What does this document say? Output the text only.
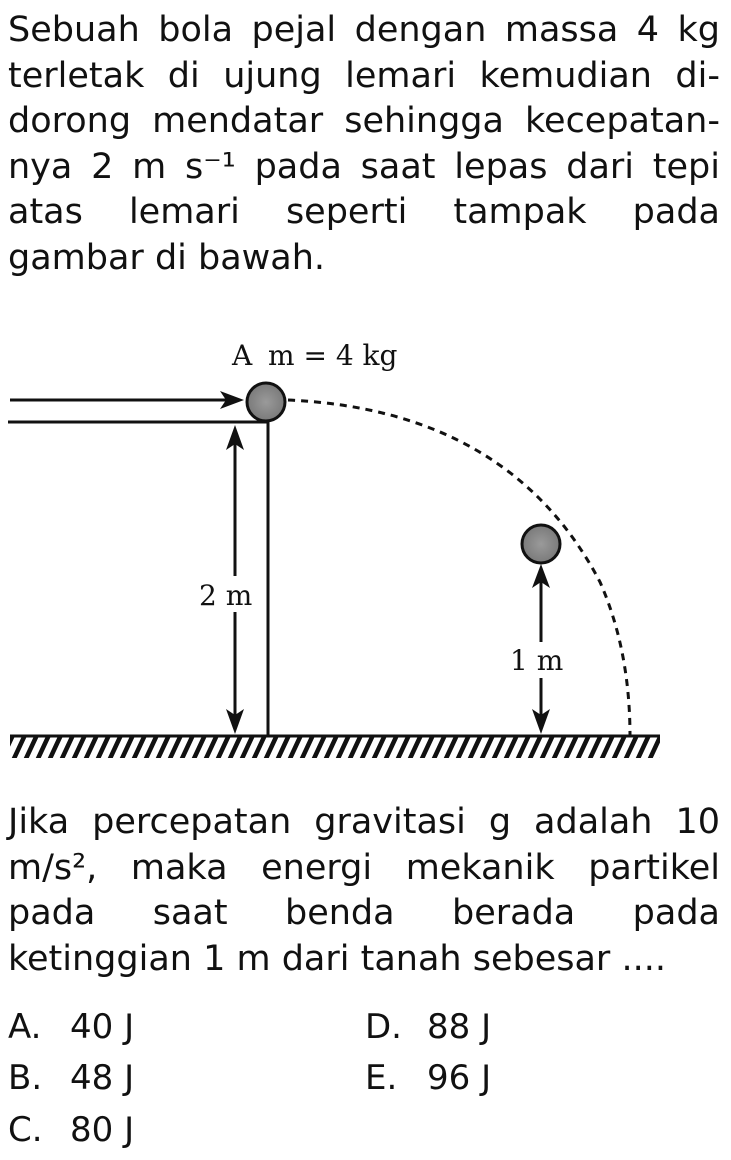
Sebuah bola pejal dengan massa 4 kg terletak di ujung lemari kemudian di-dorong mendatar sehingga kecepatan-nya 2 m s⁻¹ pada saat lepas dari tepi atas lemari seperti tampak pada gambar di bawah.

A m = 4 kg
2 m
1 m

Jika percepatan gravitasi g adalah 10 m/s², maka energi mekanik partikel pada saat benda berada pada ketinggian 1 m dari tanah sebesar ....

A. 40 J
B. 48 J
C. 80 J
D. 88 J
E. 96 J
